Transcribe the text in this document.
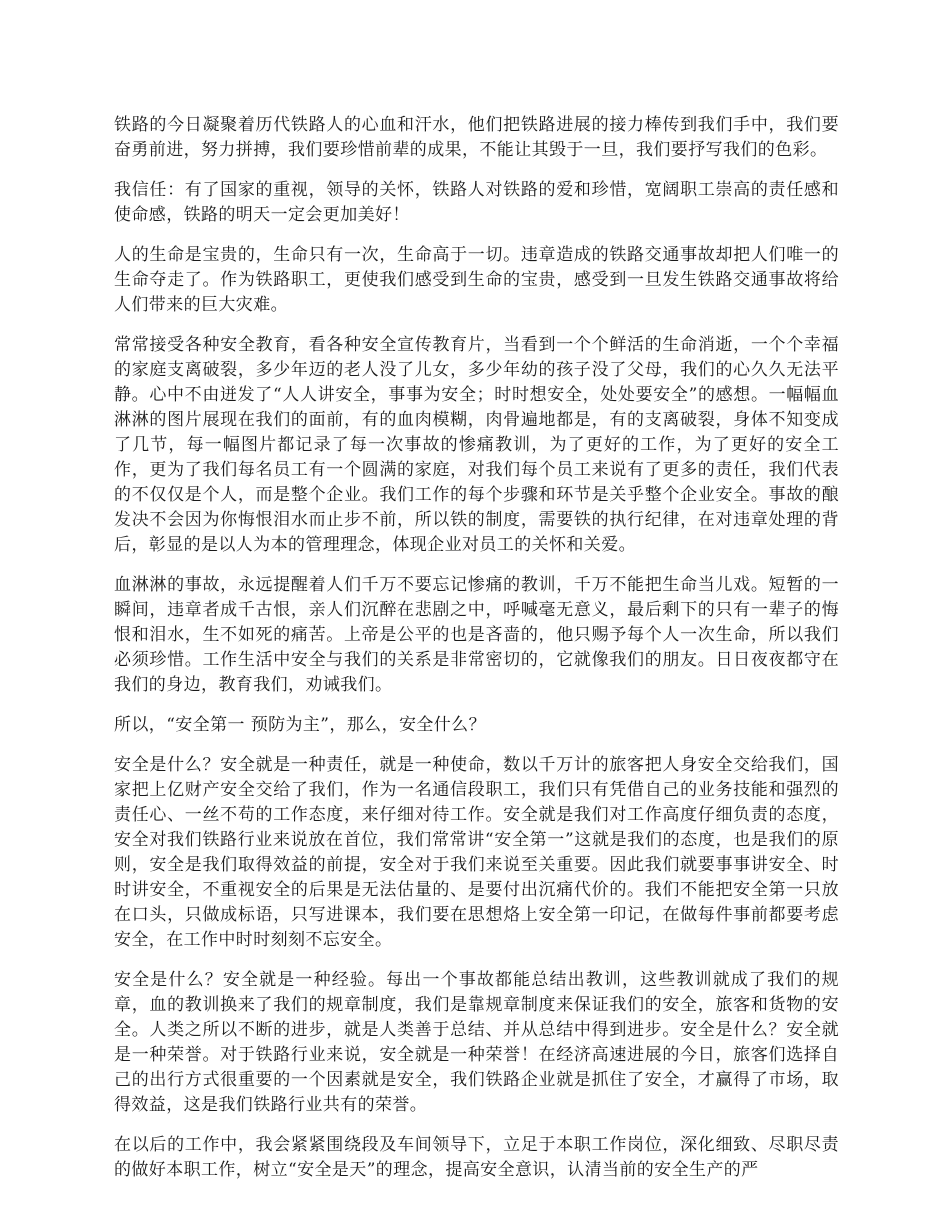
铁路的今日凝聚着历代铁路人的心血和汗水，他们把铁路进展的接力棒传到我们手中，我们要奋勇前进，努力拼搏，我们要珍惜前辈的成果，不能让其毁于一旦，我们要抒写我们的色彩。

我信任：有了国家的重视，领导的关怀，铁路人对铁路的爱和珍惜，宽阔职工崇高的责任感和使命感，铁路的明天一定会更加美好！

人的生命是宝贵的，生命只有一次，生命高于一切。违章造成的铁路交通事故却把人们唯一的生命夺走了。作为铁路职工，更使我们感受到生命的宝贵，感受到一旦发生铁路交通事故将给人们带来的巨大灾难。

常常接受各种安全教育，看各种安全宣传教育片，当看到一个个鲜活的生命消逝，一个个幸福的家庭支离破裂，多少年迈的老人没了儿女，多少年幼的孩子没了父母，我们的心久久无法平静。心中不由迸发了“人人讲安全，事事为安全；时时想安全，处处要安全”的感想。一幅幅血淋淋的图片展现在我们的面前，有的血肉模糊，肉骨遍地都是，有的支离破裂，身体不知变成了几节，每一幅图片都记录了每一次事故的惨痛教训，为了更好的工作，为了更好的安全工作，更为了我们每名员工有一个圆满的家庭，对我们每个员工来说有了更多的责任，我们代表的不仅仅是个人，而是整个企业。我们工作的每个步骤和环节是关乎整个企业安全。事故的酿发决不会因为你悔恨泪水而止步不前，所以铁的制度，需要铁的执行纪律，在对违章处理的背后，彰显的是以人为本的管理理念，体现企业对员工的关怀和关爱。

血淋淋的事故，永远提醒着人们千万不要忘记惨痛的教训，千万不能把生命当儿戏。短暂的一瞬间，违章者成千古恨，亲人们沉醉在悲剧之中，呼喊毫无意义，最后剩下的只有一辈子的悔恨和泪水，生不如死的痛苦。上帝是公平的也是吝啬的，他只赐予每个人一次生命，所以我们必须珍惜。工作生活中安全与我们的关系是非常密切的，它就像我们的朋友。日日夜夜都守在我们的身边，教育我们，劝诫我们。

所以，“安全第一 预防为主”，那么，安全什么？

安全是什么？安全就是一种责任，就是一种使命，数以千万计的旅客把人身安全交给我们，国家把上亿财产安全交给了我们，作为一名通信段职工，我们只有凭借自己的业务技能和强烈的责任心、一丝不苟的工作态度，来仔细对待工作。安全就是我们对工作高度仔细负责的态度，安全对我们铁路行业来说放在首位，我们常常讲“安全第一”这就是我们的态度，也是我们的原则，安全是我们取得效益的前提，安全对于我们来说至关重要。因此我们就要事事讲安全、时时讲安全，不重视安全的后果是无法估量的、是要付出沉痛代价的。我们不能把安全第一只放在口头，只做成标语，只写进课本，我们要在思想烙上安全第一印记，在做每件事前都要考虑安全，在工作中时时刻刻不忘安全。

安全是什么？安全就是一种经验。每出一个事故都能总结出教训，这些教训就成了我们的规章，血的教训换来了我们的规章制度，我们是靠规章制度来保证我们的安全，旅客和货物的安全。人类之所以不断的进步，就是人类善于总结、并从总结中得到进步。安全是什么？安全就是一种荣誉。对于铁路行业来说，安全就是一种荣誉！在经济高速进展的今日，旅客们选择自己的出行方式很重要的一个因素就是安全，我们铁路企业就是抓住了安全，才赢得了市场，取得效益，这是我们铁路行业共有的荣誉。

在以后的工作中，我会紧紧围绕段及车间领导下，立足于本职工作岗位，深化细致、尽职尽责的做好本职工作，树立“安全是天”的理念，提高安全意识，认清当前的安全生产的严
